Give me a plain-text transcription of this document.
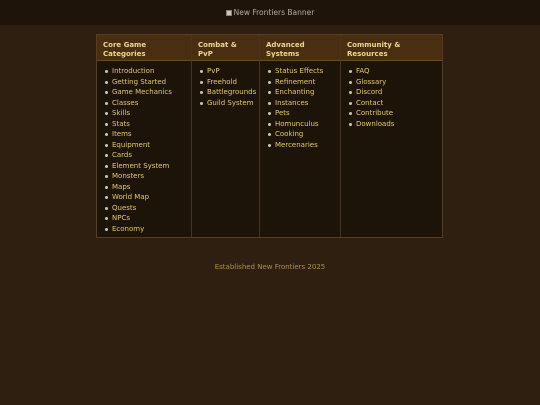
New Frontiers Banner
Core Game Categories
Introduction
Getting Started
Game Mechanics
Classes
Skills
Stats
Items
Equipment
Cards
Element System
Monsters
Maps
World Map
Quests
NPCs
Economy
Combat & PvP
PvP
Freehold
Battlegrounds
Guild System
Advanced Systems
Status Effects
Refinement
Enchanting
Instances
Pets
Homunculus
Cooking
Mercenaries
Community & Resources
FAQ
Glossary
Discord
Contact
Contribute
Downloads
Established New Frontiers 2025
